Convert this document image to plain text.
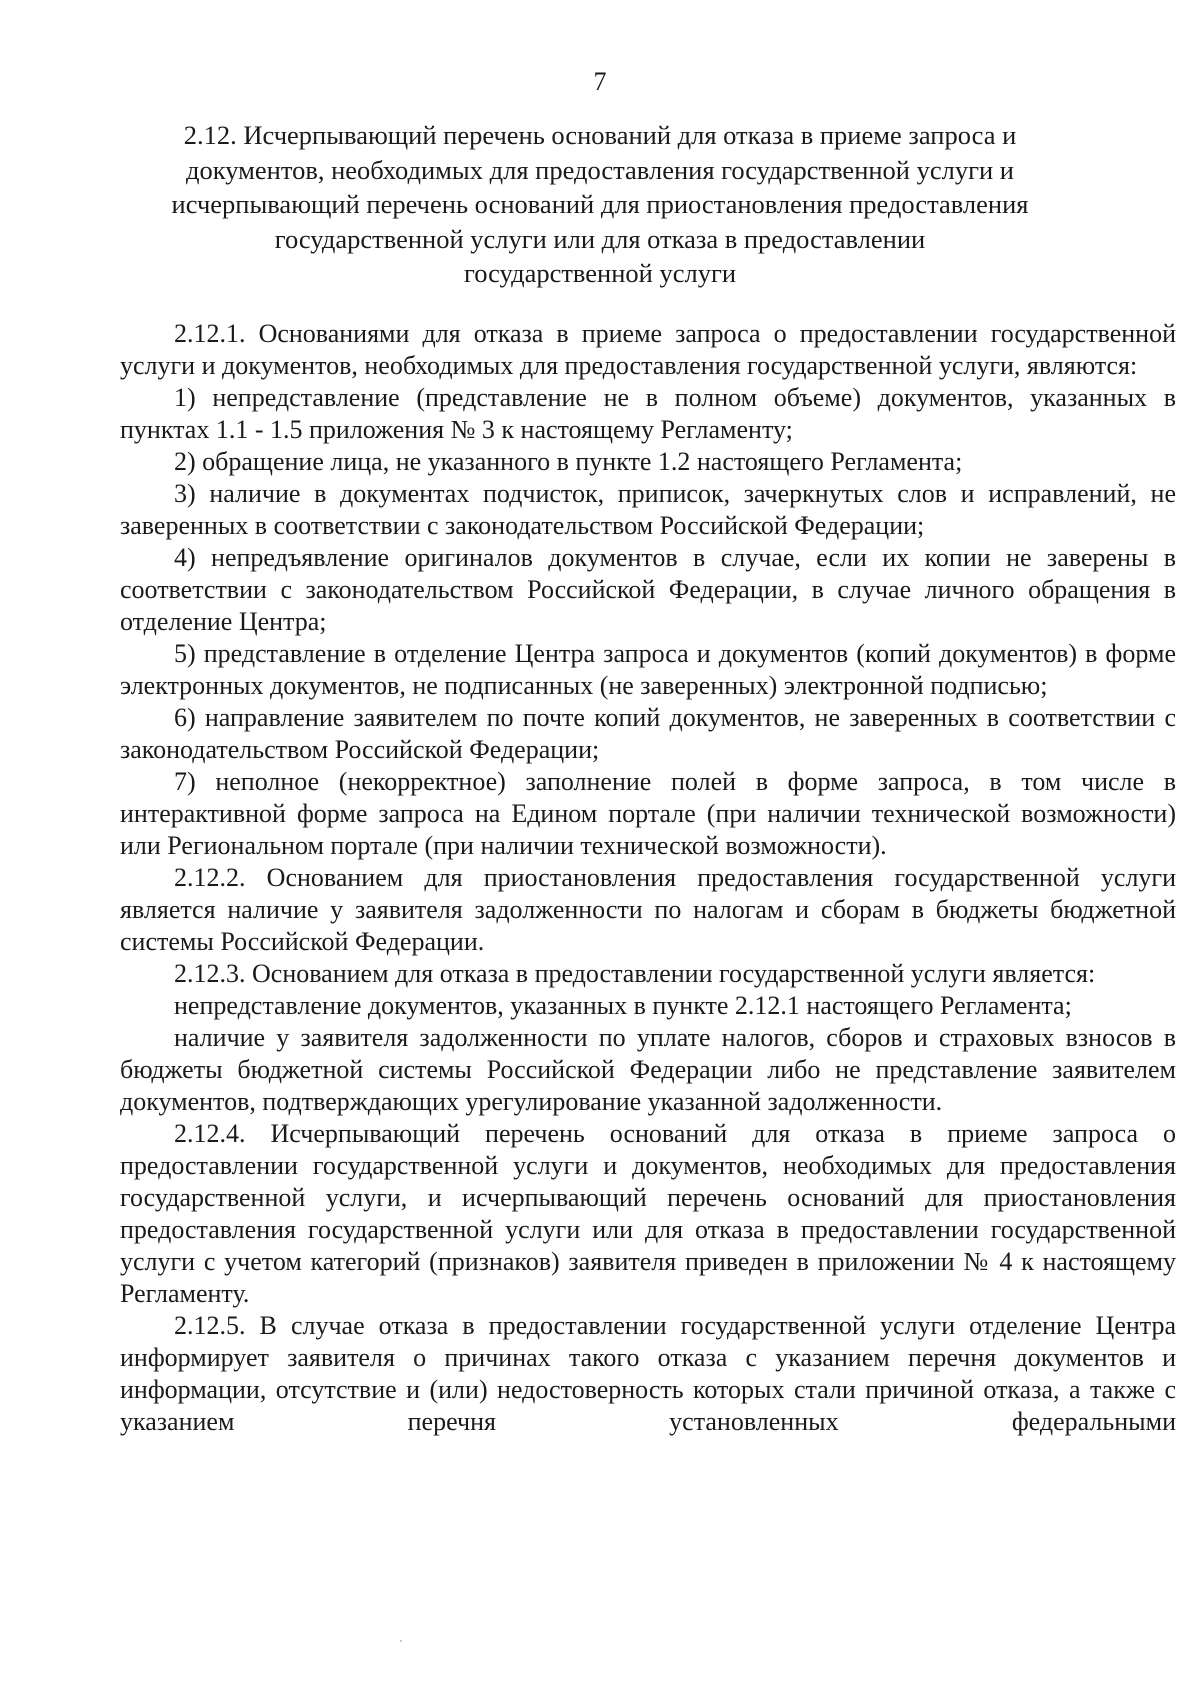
7
2.12. Исчерпывающий перечень оснований для отказа в приеме запроса и
документов, необходимых для предоставления государственной услуги и
исчерпывающий перечень оснований для приостановления предоставления
государственной услуги или для отказа в предоставлении
государственной услуги

2.12.1. Основаниями для отказа в приеме запроса о предоставлении государственной услуги и документов, необходимых для предоставления государственной услуги, являются:

1) непредставление (представление не в полном объеме) документов, указанных в пунктах 1.1 - 1.5 приложения № 3 к настоящему Регламенту;

2) обращение лица, не указанного в пункте 1.2 настоящего Регламента;

3) наличие в документах подчисток, приписок, зачеркнутых слов и исправлений, не заверенных в соответствии с законодательством Российской Федерации;

4) непредъявление оригиналов документов в случае, если их копии не заверены в соответствии с законодательством Российской Федерации, в случае личного обращения в отделение Центра;

5) представление в отделение Центра запроса и документов (копий документов) в форме электронных документов, не подписанных (не заверенных) электронной подписью;

6) направление заявителем по почте копий документов, не заверенных в соответствии с законодательством Российской Федерации;

7) неполное (некорректное) заполнение полей в форме запроса, в том числе в интерактивной форме запроса на Едином портале (при наличии технической возможности) или Региональном портале (при наличии технической возможности).

2.12.2. Основанием для приостановления предоставления государственной услуги является наличие у заявителя задолженности по налогам и сборам в бюджеты бюджетной системы Российской Федерации.

2.12.3. Основанием для отказа в предоставлении государственной услуги является:

непредставление документов, указанных в пункте 2.12.1 настоящего Регламента;

наличие у заявителя задолженности по уплате налогов, сборов и страховых взносов в бюджеты бюджетной системы Российской Федерации либо не представление заявителем документов, подтверждающих урегулирование указанной задолженности.

2.12.4. Исчерпывающий перечень оснований для отказа в приеме запроса о предоставлении государственной услуги и документов, необходимых для предоставления государственной услуги, и исчерпывающий перечень оснований для приостановления предоставления государственной услуги или для отказа в предоставлении государственной услуги с учетом категорий (признаков) заявителя приведен в приложении № 4 к настоящему Регламенту.

2.12.5. В случае отказа в предоставлении государственной услуги отделение Центра информирует заявителя о причинах такого отказа с указанием перечня документов и информации, отсутствие и (или) недостоверность которых стали причиной отказа, а также с указанием перечня установленных федеральными
